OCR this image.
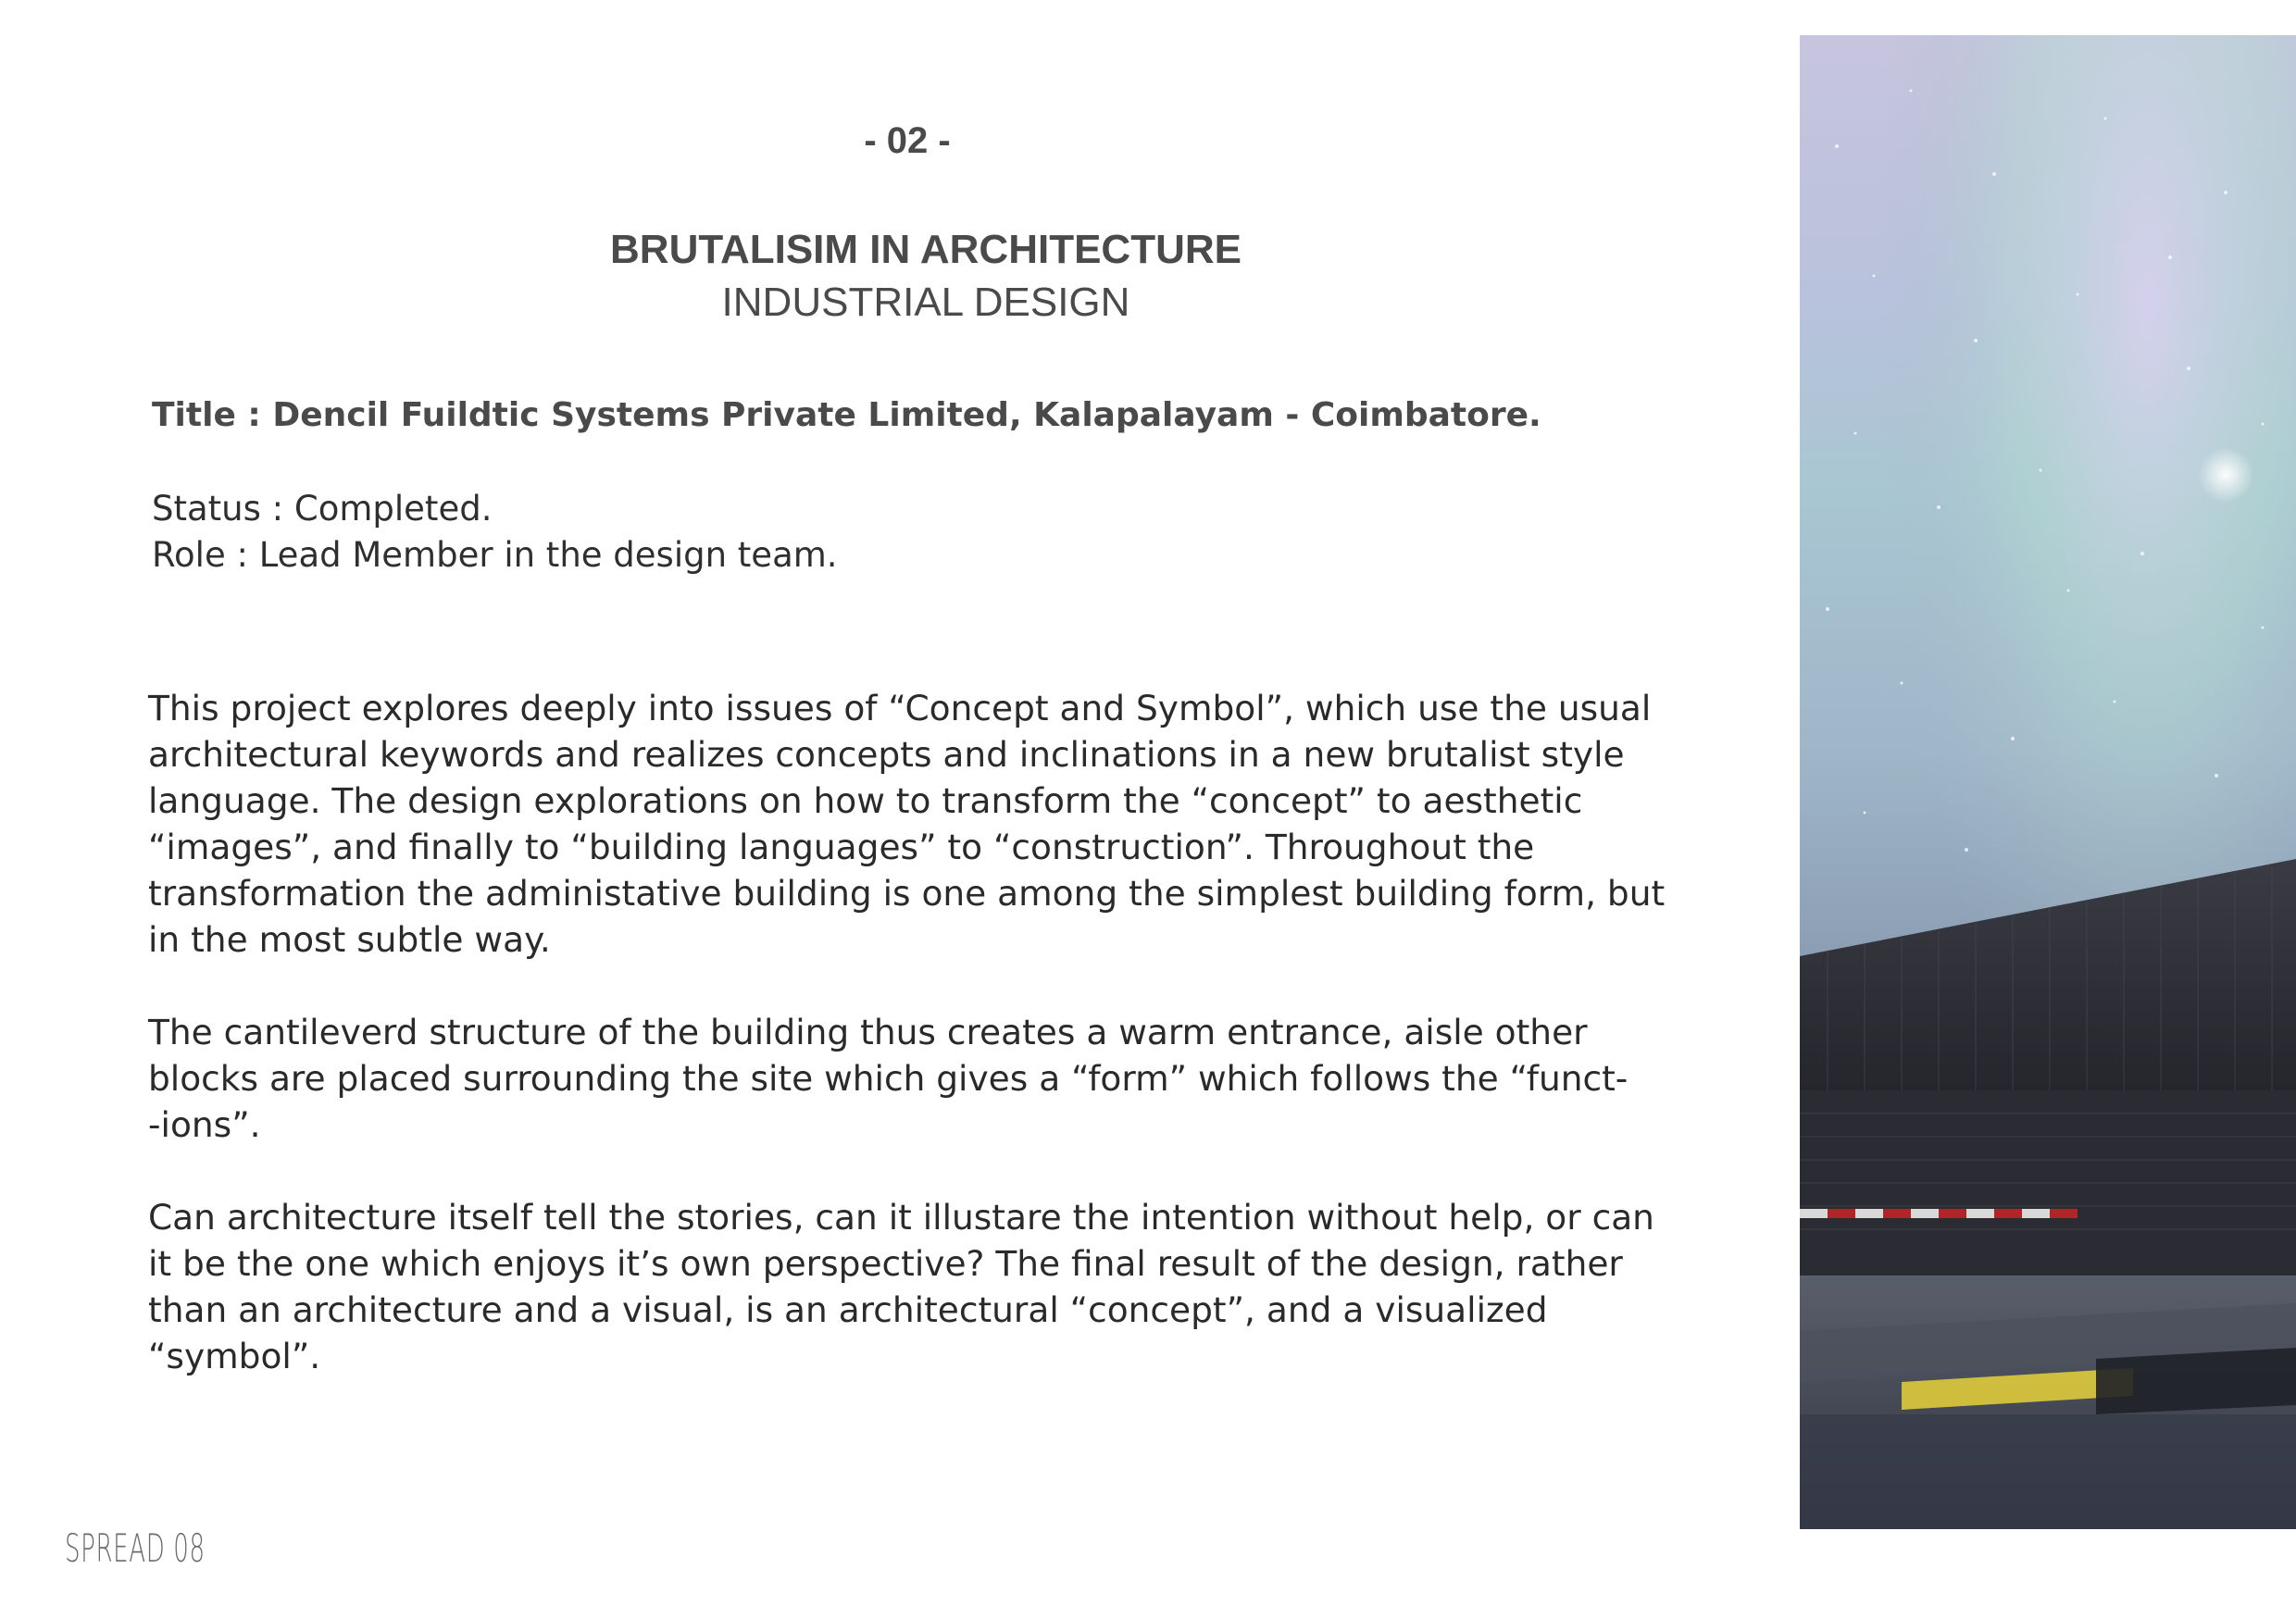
- 02 -
BRUTALISIM IN ARCHITECTURE
INDUSTRIAL DESIGN
Title : Dencil Fuildtic Systems Private Limited, Kalapalayam - Coimbatore.
Status : Completed.
Role : Lead Member in the design team.
This project explores deeply into issues of “Concept and Symbol”, which use the usual
architectural keywords and realizes concepts and inclinations in a new brutalist style
language. The design explorations on how to transform the “concept” to aesthetic
“images”, and finally to “building languages” to “construction”. Throughout the
transformation the administative building is one among the simplest building form, but
in the most subtle way.
The cantileverd structure of the building thus creates a warm entrance, aisle other
blocks are placed surrounding the site which gives a “form” which follows the “funct-
-ions”.
Can architecture itself tell the stories, can it illustare the intention without help, or can
it be the one which enjoys it’s own perspective? The final result of the design, rather
than an architecture and a visual, is an architectural “concept”, and a visualized
“symbol”.
SPREAD 08
